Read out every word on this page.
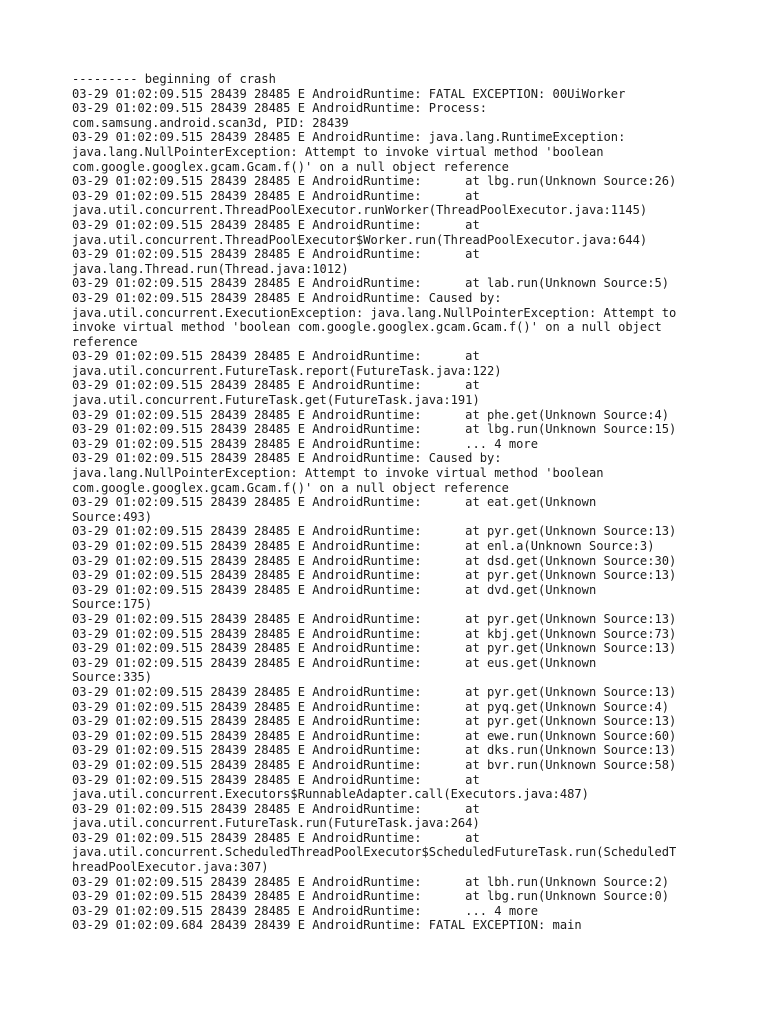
--------- beginning of crash
03-29 01:02:09.515 28439 28485 E AndroidRuntime: FATAL EXCEPTION: 00UiWorker
03-29 01:02:09.515 28439 28485 E AndroidRuntime: Process:
com.samsung.android.scan3d, PID: 28439
03-29 01:02:09.515 28439 28485 E AndroidRuntime: java.lang.RuntimeException:
java.lang.NullPointerException: Attempt to invoke virtual method 'boolean
com.google.googlex.gcam.Gcam.f()' on a null object reference
03-29 01:02:09.515 28439 28485 E AndroidRuntime:      at lbg.run(Unknown Source:26)
03-29 01:02:09.515 28439 28485 E AndroidRuntime:      at
java.util.concurrent.ThreadPoolExecutor.runWorker(ThreadPoolExecutor.java:1145)
03-29 01:02:09.515 28439 28485 E AndroidRuntime:      at
java.util.concurrent.ThreadPoolExecutor$Worker.run(ThreadPoolExecutor.java:644)
03-29 01:02:09.515 28439 28485 E AndroidRuntime:      at
java.lang.Thread.run(Thread.java:1012)
03-29 01:02:09.515 28439 28485 E AndroidRuntime:      at lab.run(Unknown Source:5)
03-29 01:02:09.515 28439 28485 E AndroidRuntime: Caused by:
java.util.concurrent.ExecutionException: java.lang.NullPointerException: Attempt to
invoke virtual method 'boolean com.google.googlex.gcam.Gcam.f()' on a null object
reference
03-29 01:02:09.515 28439 28485 E AndroidRuntime:      at
java.util.concurrent.FutureTask.report(FutureTask.java:122)
03-29 01:02:09.515 28439 28485 E AndroidRuntime:      at
java.util.concurrent.FutureTask.get(FutureTask.java:191)
03-29 01:02:09.515 28439 28485 E AndroidRuntime:      at phe.get(Unknown Source:4)
03-29 01:02:09.515 28439 28485 E AndroidRuntime:      at lbg.run(Unknown Source:15)
03-29 01:02:09.515 28439 28485 E AndroidRuntime:      ... 4 more
03-29 01:02:09.515 28439 28485 E AndroidRuntime: Caused by:
java.lang.NullPointerException: Attempt to invoke virtual method 'boolean
com.google.googlex.gcam.Gcam.f()' on a null object reference
03-29 01:02:09.515 28439 28485 E AndroidRuntime:      at eat.get(Unknown
Source:493)
03-29 01:02:09.515 28439 28485 E AndroidRuntime:      at pyr.get(Unknown Source:13)
03-29 01:02:09.515 28439 28485 E AndroidRuntime:      at enl.a(Unknown Source:3)
03-29 01:02:09.515 28439 28485 E AndroidRuntime:      at dsd.get(Unknown Source:30)
03-29 01:02:09.515 28439 28485 E AndroidRuntime:      at pyr.get(Unknown Source:13)
03-29 01:02:09.515 28439 28485 E AndroidRuntime:      at dvd.get(Unknown
Source:175)
03-29 01:02:09.515 28439 28485 E AndroidRuntime:      at pyr.get(Unknown Source:13)
03-29 01:02:09.515 28439 28485 E AndroidRuntime:      at kbj.get(Unknown Source:73)
03-29 01:02:09.515 28439 28485 E AndroidRuntime:      at pyr.get(Unknown Source:13)
03-29 01:02:09.515 28439 28485 E AndroidRuntime:      at eus.get(Unknown
Source:335)
03-29 01:02:09.515 28439 28485 E AndroidRuntime:      at pyr.get(Unknown Source:13)
03-29 01:02:09.515 28439 28485 E AndroidRuntime:      at pyq.get(Unknown Source:4)
03-29 01:02:09.515 28439 28485 E AndroidRuntime:      at pyr.get(Unknown Source:13)
03-29 01:02:09.515 28439 28485 E AndroidRuntime:      at ewe.run(Unknown Source:60)
03-29 01:02:09.515 28439 28485 E AndroidRuntime:      at dks.run(Unknown Source:13)
03-29 01:02:09.515 28439 28485 E AndroidRuntime:      at bvr.run(Unknown Source:58)
03-29 01:02:09.515 28439 28485 E AndroidRuntime:      at
java.util.concurrent.Executors$RunnableAdapter.call(Executors.java:487)
03-29 01:02:09.515 28439 28485 E AndroidRuntime:      at
java.util.concurrent.FutureTask.run(FutureTask.java:264)
03-29 01:02:09.515 28439 28485 E AndroidRuntime:      at
java.util.concurrent.ScheduledThreadPoolExecutor$ScheduledFutureTask.run(ScheduledT
hreadPoolExecutor.java:307)
03-29 01:02:09.515 28439 28485 E AndroidRuntime:      at lbh.run(Unknown Source:2)
03-29 01:02:09.515 28439 28485 E AndroidRuntime:      at lbg.run(Unknown Source:0)
03-29 01:02:09.515 28439 28485 E AndroidRuntime:      ... 4 more
03-29 01:02:09.684 28439 28439 E AndroidRuntime: FATAL EXCEPTION: main
